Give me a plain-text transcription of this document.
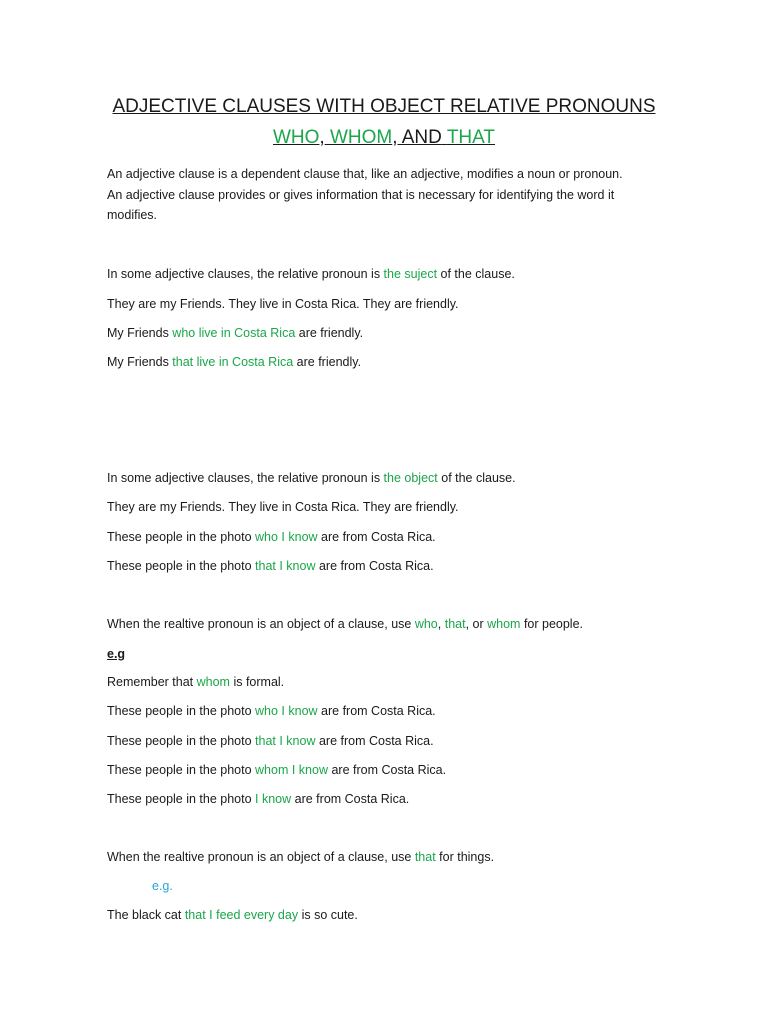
ADJECTIVE CLAUSES WITH OBJECT RELATIVE PRONOUNS
WHO, WHOM, AND THAT
An adjective clause is a dependent clause that, like an adjective, modifies a noun or pronoun. An adjective clause provides or gives information that is necessary for identifying the word it modifies.
In some adjective clauses, the relative pronoun is the suject of the clause.
They are my Friends. They live in Costa Rica. They are friendly.
My Friends who live in Costa Rica are friendly.
My Friends that live in Costa Rica are friendly.
In some adjective clauses, the relative pronoun is the object of the clause.
They are my Friends. They live in Costa Rica. They are friendly.
These people in the photo who I know are from Costa Rica.
These people in the photo that I know are from Costa Rica.
When the realtive pronoun is an object of a clause, use who, that, or whom for people.
e.g
Remember that whom is formal.
These people in the photo who I know are from Costa Rica.
These people in the photo that I know are from Costa Rica.
These people in the photo whom I know are from Costa Rica.
These people in the photo I know are from Costa Rica.
When the realtive pronoun is an object of a clause, use that for things.
e.g.
The black cat that I feed every day is so cute.
